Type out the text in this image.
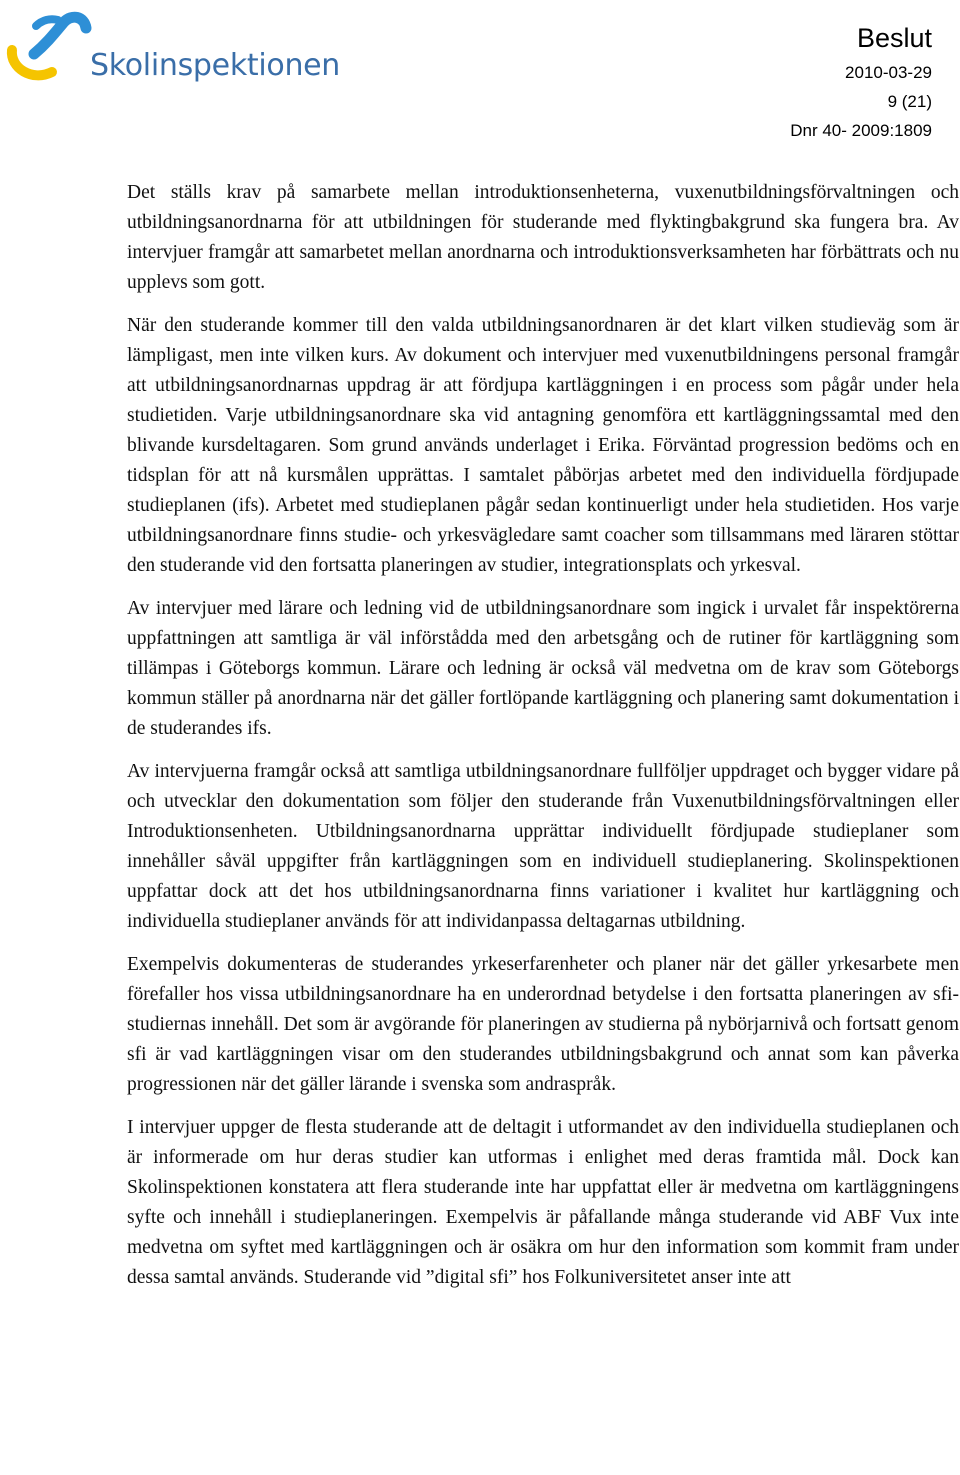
Skolinspektionen
Beslut
2010-03-29
9 (21)
Dnr 40- 2009:1809

Det ställs krav på samarbete mellan introduktionsenheterna, vuxenutbildningsförvaltningen och utbildningsanordnarna för att utbildningen för studerande med flyktingbakgrund ska fungera bra. Av intervjuer framgår att samarbetet mellan anordnarna och introduktionsverksamheten har förbättrats och nu upplevs som gott.

När den studerande kommer till den valda utbildningsanordnaren är det klart vilken studieväg som är lämpligast, men inte vilken kurs. Av dokument och intervjuer med vuxenutbildningens personal framgår att utbildningsanordnarnas uppdrag är att fördjupa kartläggningen i en process som pågår under hela studietiden. Varje utbildningsanordnare ska vid antagning genomföra ett kartläggningssamtal med den blivande kursdeltagaren. Som grund används underlaget i Erika. Förväntad progression bedöms och en tidsplan för att nå kursmålen upprättas. I samtalet påbörjas arbetet med den individuella fördjupade studieplanen (ifs). Arbetet med studieplanen pågår sedan kontinuerligt under hela studietiden. Hos varje utbildningsanordnare finns studie- och yrkesvägledare samt coacher som tillsammans med läraren stöttar den studerande vid den fortsatta planeringen av studier, integrationsplats och yrkesval.

Av intervjuer med lärare och ledning vid de utbildningsanordnare som ingick i urvalet får inspektörerna uppfattningen att samtliga är väl införstådda med den arbetsgång och de rutiner för kartläggning som tillämpas i Göteborgs kommun. Lärare och ledning är också väl medvetna om de krav som Göteborgs kommun ställer på anordnarna när det gäller fortlöpande kartläggning och planering samt dokumentation i de studerandes ifs.

Av intervjuerna framgår också att samtliga utbildningsanordnare fullföljer uppdraget och bygger vidare på och utvecklar den dokumentation som följer den studerande från Vuxenutbildningsförvaltningen eller Introduktionsenheten. Utbildningsanordnarna upprättar individuellt fördjupade studieplaner som innehåller såväl uppgifter från kartläggningen som en individuell studieplanering. Skolinspektionen uppfattar dock att det hos utbildningsanordnarna finns variationer i kvalitet hur kartläggning och individuella studieplaner används för att individanpassa deltagarnas utbildning.

Exempelvis dokumenteras de studerandes yrkeserfarenheter och planer när det gäller yrkesarbete men förefaller hos vissa utbildningsanordnare ha en underordnad betydelse i den fortsatta planeringen av sfi-studiernas innehåll. Det som är avgörande för planeringen av studierna på nybörjarnivå och fortsatt genom sfi är vad kartläggningen visar om den studerandes utbildningsbakgrund och annat som kan påverka progressionen när det gäller lärande i svenska som andraspråk.

I intervjuer uppger de flesta studerande att de deltagit i utformandet av den individuella studieplanen och är informerade om hur deras studier kan utformas i enlighet med deras framtida mål. Dock kan Skolinspektionen konstatera att flera studerande inte har uppfattat eller är medvetna om kartläggningens syfte och innehåll i studieplaneringen. Exempelvis är påfallande många studerande vid ABF Vux inte medvetna om syftet med kartläggningen och är osäkra om hur den information som kommit fram under dessa samtal används. Studerande vid ”digital sfi” hos Folkuniversitetet anser inte att
